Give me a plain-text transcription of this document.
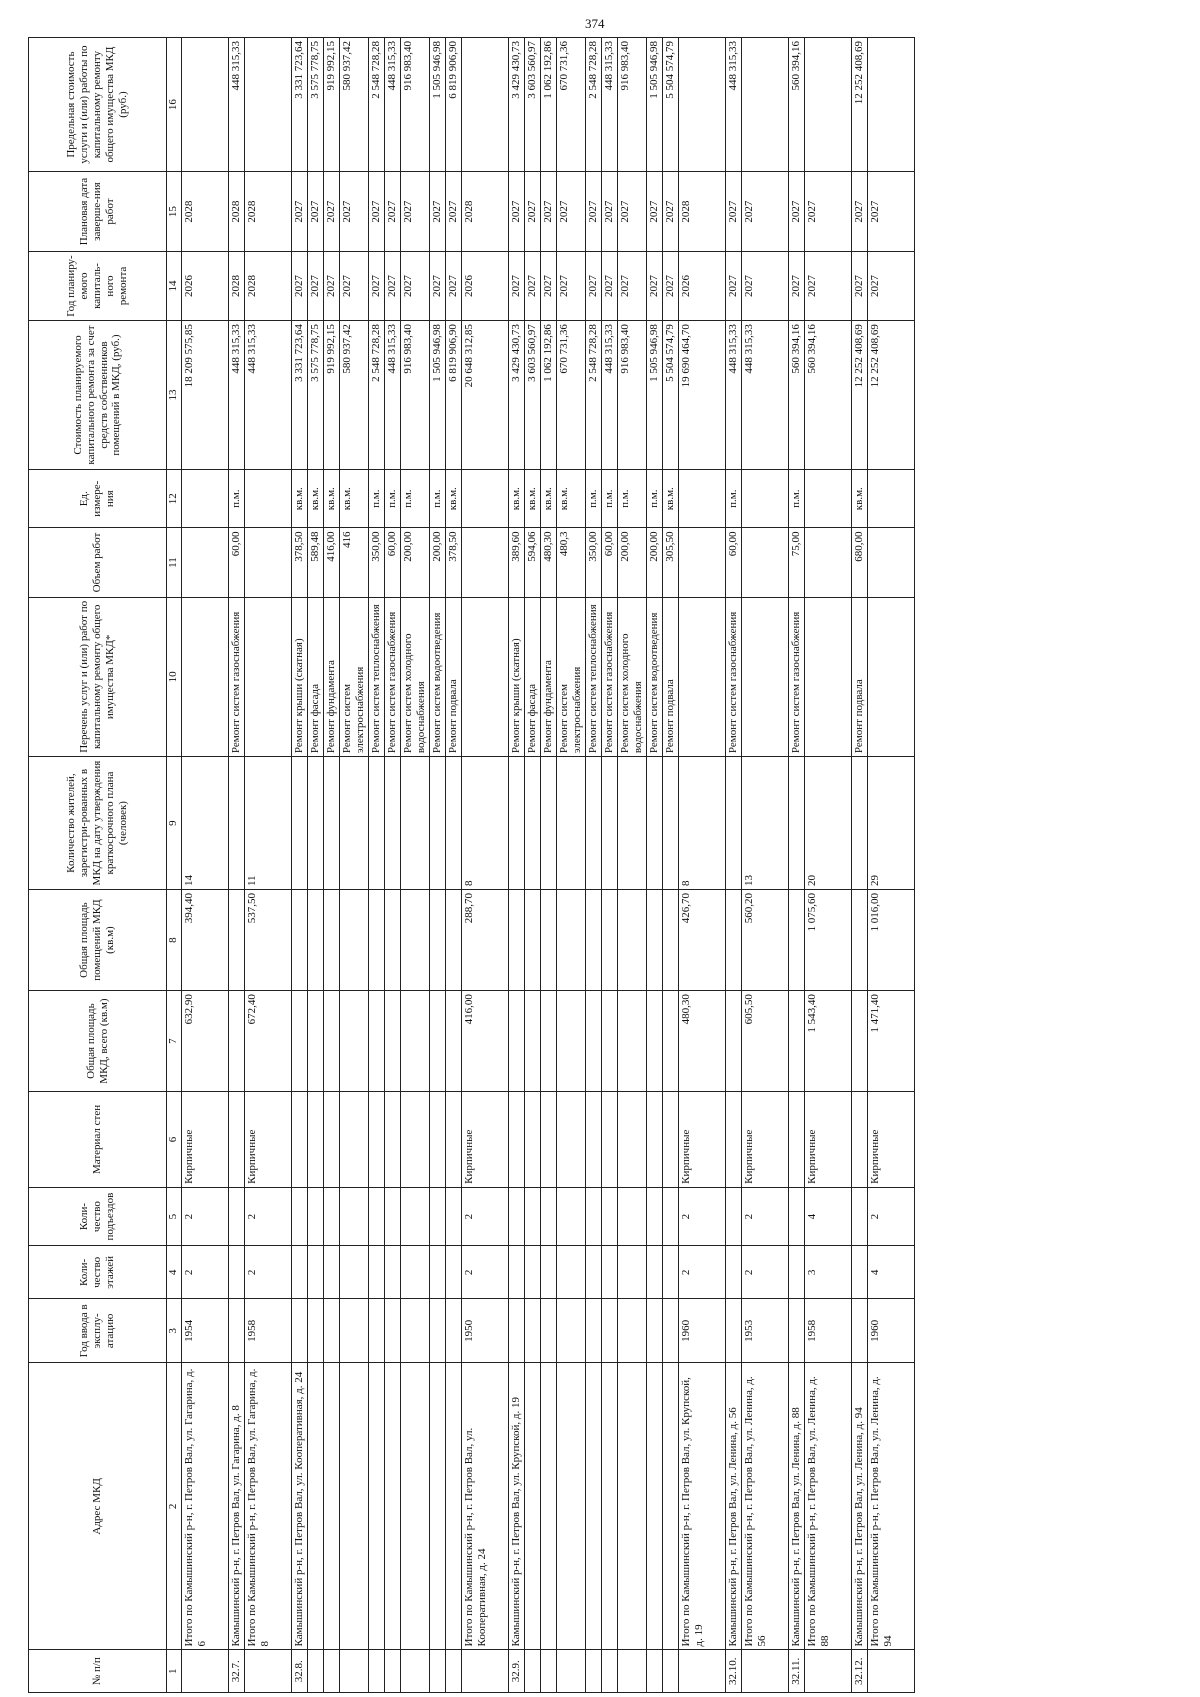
374
№ п/п	Адрес МКД	Год ввода в эксплу-атацию	Коли-чество этажей	Коли-чество подъездов	Материал стен	Общая площадь МКД, всего (кв.м)	Общая площадь помещений МКД (кв.м)	Количество жителей, зарегистри-рованных в МКД на дату утверждения краткосрочного плана (человек)	Перечень услуг и (или) работ по капитальному ремонту общего имущества МКД*	Объем работ	Ед. измере-ния	Стоимость планируемого капитального ремонта за счет средств собственников помещений в МКД, (руб.)	Год планиру-емого капиталь-ного ремонта	Плановая дата заверше-ния работ	Предельная стоимость услуги и (или) работы по капитальному ремонту общего имущества МКД (руб.)
1	2	3	4	5	6	7	8	9	10	11	12	13	14	15	16
	Итого по Камышинский р-н, г. Петров Вал, ул. Гагарина, д. 6	1954	2	2	Кирпичные	632,90	394,40	14				18 209 575,85	2026	2028	
32.7.	Камышинский р-н, г. Петров Вал, ул. Гагарина, д. 8								Ремонт систем газоснабжения	60,00	п.м.	448 315,33	2028	2028	448 315,33
	Итого по Камышинский р-н, г. Петров Вал, ул. Гагарина, д. 8	1958	2	2	Кирпичные	672,40	537,50	11				448 315,33	2028	2028	
32.8.	Камышинский р-н, г. Петров Вал, ул. Кооперативная, д. 24								Ремонт крыши (скатная)	378,50	кв.м.	3 331 723,64	2027	2027	3 331 723,64
									Ремонт фасада	589,48	кв.м.	3 575 778,75	2027	2027	3 575 778,75
									Ремонт фундамента	416,00	кв.м.	919 992,15	2027	2027	919 992,15
									Ремонт систем электроснабжения	416	кв.м.	580 937,42	2027	2027	580 937,42
									Ремонт систем теплоснабжения	350,00	п.м.	2 548 728,28	2027	2027	2 548 728,28
									Ремонт систем газоснабжения	60,00	п.м.	448 315,33	2027	2027	448 315,33
									Ремонт систем холодного водоснабжения	200,00	п.м.	916 983,40	2027	2027	916 983,40
									Ремонт систем водоотведения	200,00	п.м.	1 505 946,98	2027	2027	1 505 946,98
									Ремонт подвала	378,50	кв.м.	6 819 906,90	2027	2027	6 819 906,90
	Итого по Камышинский р-н, г. Петров Вал, ул. Кооперативная, д. 24	1950	2	2	Кирпичные	416,00	288,70	8				20 648 312,85	2026	2028	
32.9.	Камышинский р-н, г. Петров Вал, ул. Крупской, д. 19								Ремонт крыши (скатная)	389,60	кв.м.	3 429 430,73	2027	2027	3 429 430,73
									Ремонт фасада	594,06	кв.м.	3 603 560,97	2027	2027	3 603 560,97
									Ремонт фундамента	480,30	кв.м.	1 062 192,86	2027	2027	1 062 192,86
									Ремонт систем электроснабжения	480,3	кв.м.	670 731,36	2027	2027	670 731,36
									Ремонт систем теплоснабжения	350,00	п.м.	2 548 728,28	2027	2027	2 548 728,28
									Ремонт систем газоснабжения	60,00	п.м.	448 315,33	2027	2027	448 315,33
									Ремонт систем холодного водоснабжения	200,00	п.м.	916 983,40	2027	2027	916 983,40
									Ремонт систем водоотведения	200,00	п.м.	1 505 946,98	2027	2027	1 505 946,98
									Ремонт подвала	305,50	кв.м.	5 504 574,79	2027	2027	5 504 574,79
	Итого по Камышинский р-н, г. Петров Вал, ул. Крупской, д. 19	1960	2	2	Кирпичные	480,30	426,70	8				19 690 464,70	2026	2028	
32.10.	Камышинский р-н, г. Петров Вал, ул. Ленина, д. 56								Ремонт систем газоснабжения	60,00	п.м.	448 315,33	2027	2027	448 315,33
	Итого по Камышинский р-н, г. Петров Вал, ул. Ленина, д. 56	1953	2	2	Кирпичные	605,50	560,20	13				448 315,33	2027	2027	
32.11.	Камышинский р-н, г. Петров Вал, ул. Ленина, д. 88								Ремонт систем газоснабжения	75,00	п.м.	560 394,16	2027	2027	560 394,16
	Итого по Камышинский р-н, г. Петров Вал, ул. Ленина, д. 88	1958	3	4	Кирпичные	1 543,40	1 075,60	20				560 394,16	2027	2027	
32.12.	Камышинский р-н, г. Петров Вал, ул. Ленина, д. 94								Ремонт подвала	680,00	кв.м.	12 252 408,69	2027	2027	12 252 408,69
	Итого по Камышинский р-н, г. Петров Вал, ул. Ленина, д. 94	1960	4	2	Кирпичные	1 471,40	1 016,00	29				12 252 408,69	2027	2027	
